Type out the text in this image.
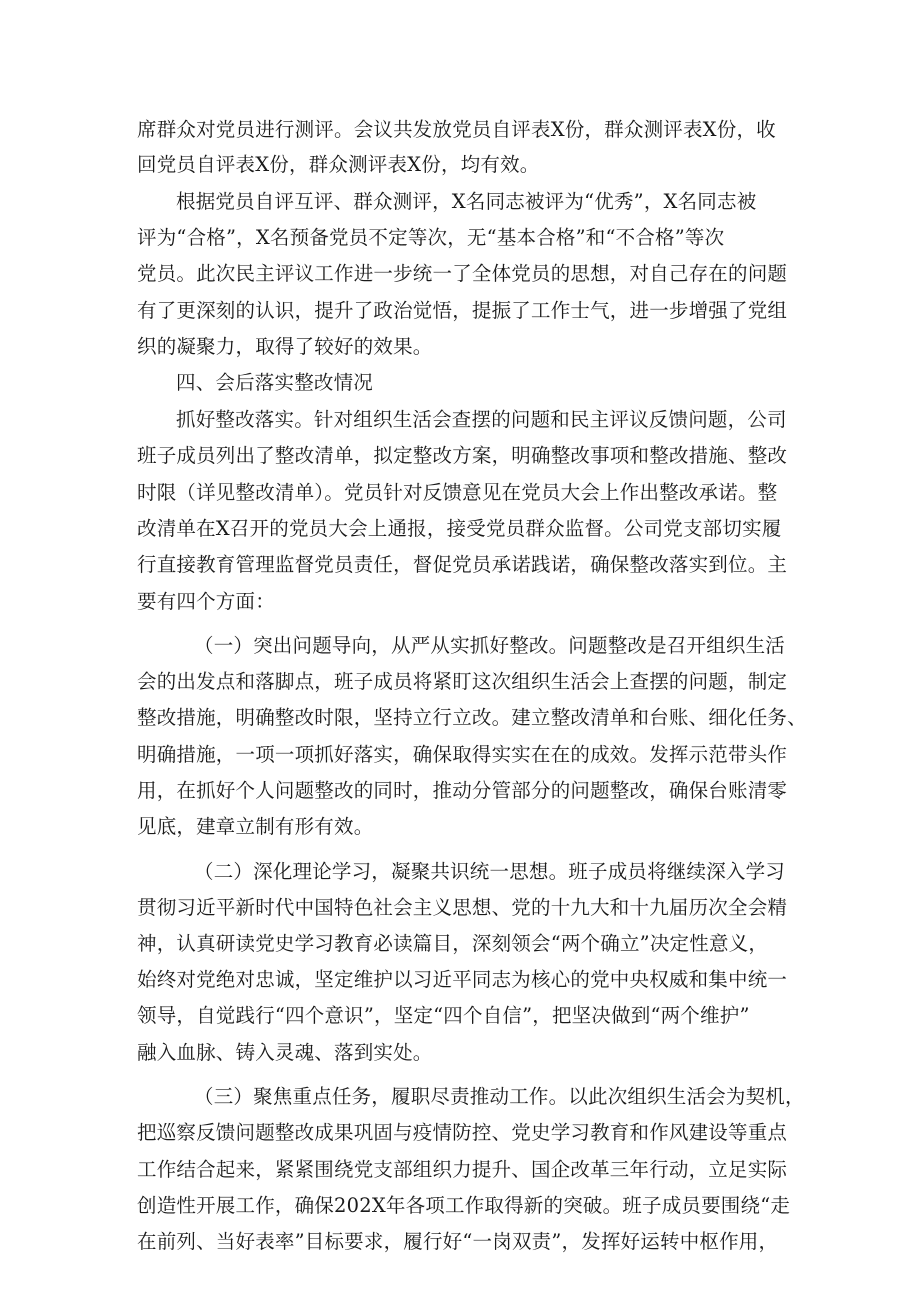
席群众对党员进行测评。会议共发放党员自评表X份，群众测评表X份，收
回党员自评表X份，群众测评表X份，均有效。
根据党员自评互评、群众测评，X名同志被评为“优秀”，X名同志被
评为“合格”，X名预备党员不定等次，无“基本合格”和“不合格”等次
党员。此次民主评议工作进一步统一了全体党员的思想，对自己存在的问题
有了更深刻的认识，提升了政治觉悟，提振了工作士气，进一步增强了党组
织的凝聚力，取得了较好的效果。
四、会后落实整改情况
抓好整改落实。针对组织生活会查摆的问题和民主评议反馈问题，公司
班子成员列出了整改清单，拟定整改方案，明确整改事项和整改措施、整改
时限（详见整改清单）。党员针对反馈意见在党员大会上作出整改承诺。整
改清单在X召开的党员大会上通报，接受党员群众监督。公司党支部切实履
行直接教育管理监督党员责任，督促党员承诺践诺，确保整改落实到位。主
要有四个方面：
（一）突出问题导向，从严从实抓好整改。问题整改是召开组织生活
会的出发点和落脚点，班子成员将紧盯这次组织生活会上查摆的问题，制定
整改措施，明确整改时限，坚持立行立改。建立整改清单和台账、细化任务、
明确措施，一项一项抓好落实，确保取得实实在在的成效。发挥示范带头作
用，在抓好个人问题整改的同时，推动分管部分的问题整改，确保台账清零
见底，建章立制有形有效。
（二）深化理论学习，凝聚共识统一思想。班子成员将继续深入学习
贯彻习近平新时代中国特色社会主义思想、党的十九大和十九届历次全会精
神，认真研读党史学习教育必读篇目，深刻领会“两个确立”决定性意义，
始终对党绝对忠诚，坚定维护以习近平同志为核心的党中央权威和集中统一
领导，自觉践行“四个意识”，坚定“四个自信”，把坚决做到“两个维护”
融入血脉、铸入灵魂、落到实处。
（三）聚焦重点任务，履职尽责推动工作。以此次组织生活会为契机，
把巡察反馈问题整改成果巩固与疫情防控、党史学习教育和作风建设等重点
工作结合起来，紧紧围绕党支部组织力提升、国企改革三年行动，立足实际
创造性开展工作，确保202X年各项工作取得新的突破。班子成员要围绕“走
在前列、当好表率”目标要求，履行好“一岗双责”，发挥好运转中枢作用，
